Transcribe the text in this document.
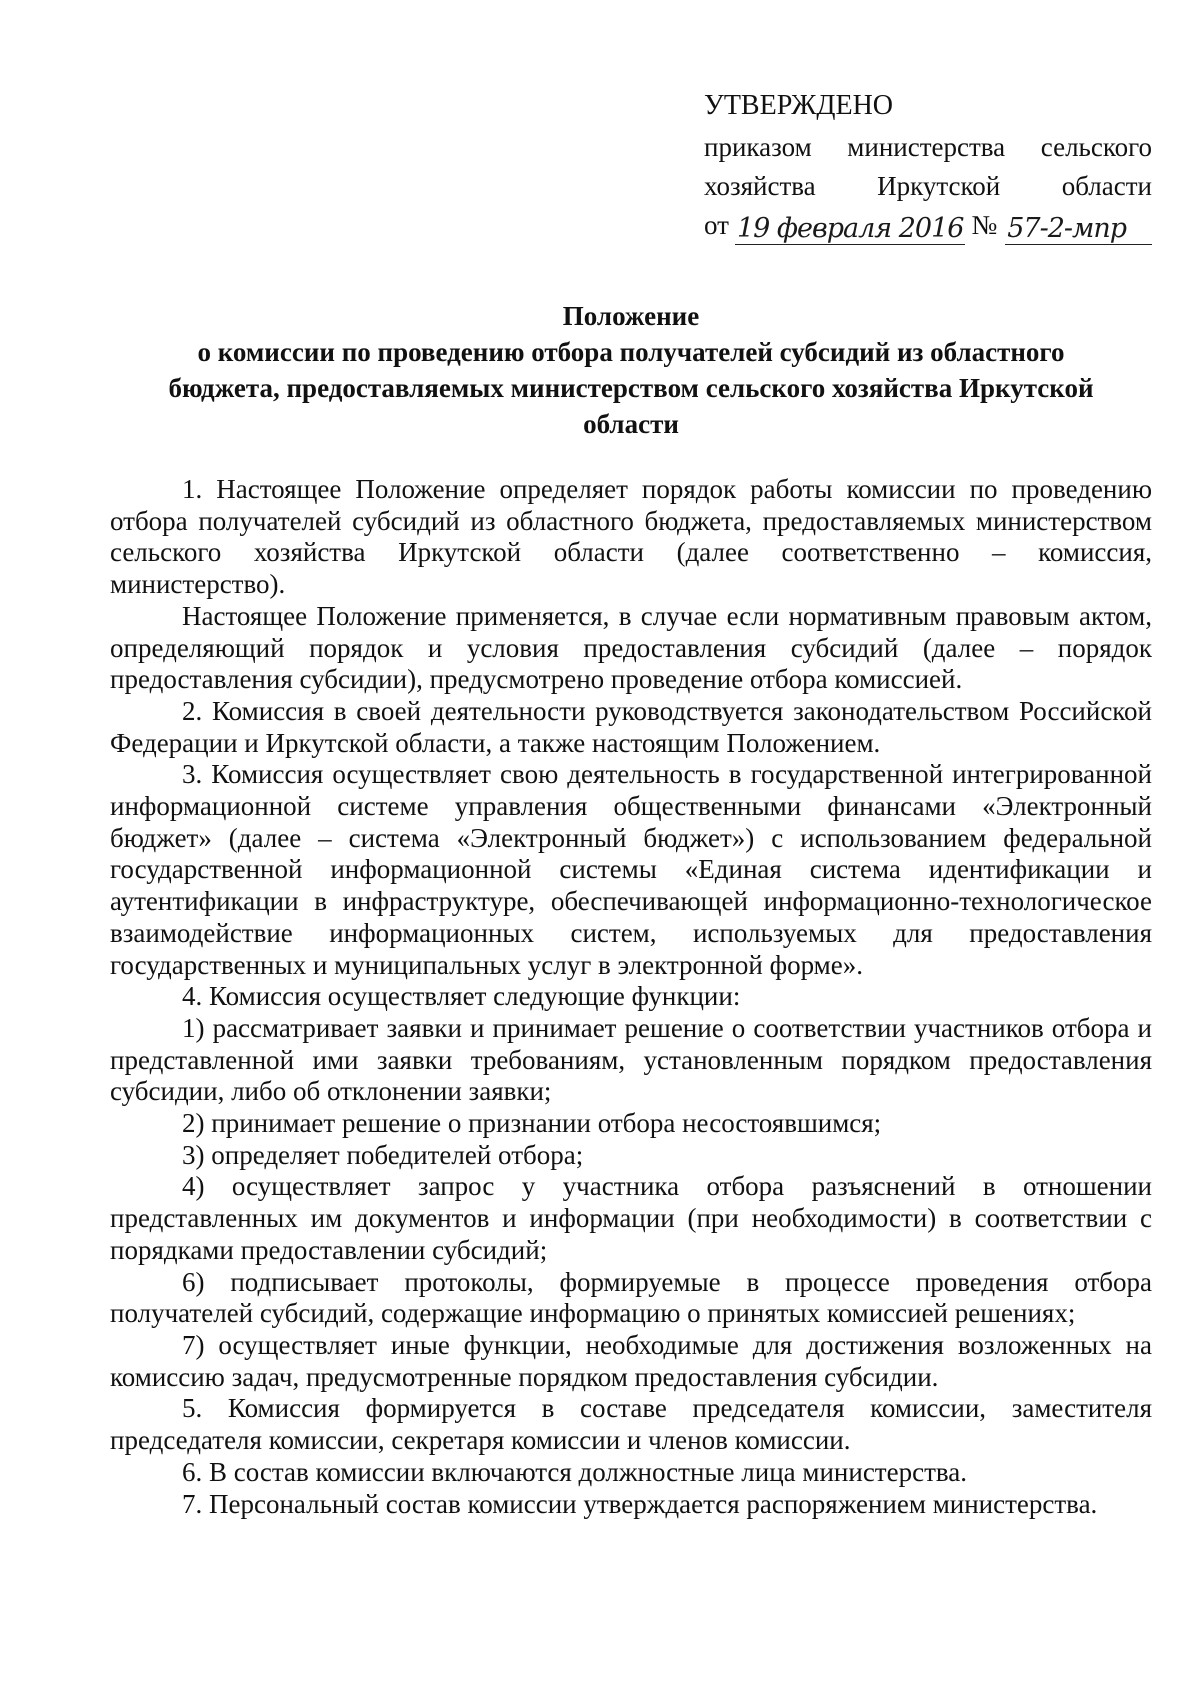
УТВЕРЖДЕНО
приказом министерства сельского
хозяйства Иркутской области
от 19 февраля 2016 № 57-2-мпр
Положение
о комиссии по проведению отбора получателей субсидий из областного
бюджета, предоставляемых министерством сельского хозяйства Иркутской
области

1. Настоящее Положение определяет порядок работы комиссии по проведению отбора получателей субсидий из областного бюджета, предоставляемых министерством сельского хозяйства Иркутской области (далее соответственно – комиссия, министерство).

Настоящее Положение применяется, в случае если нормативным правовым актом, определяющий порядок и условия предоставления субсидий (далее – порядок предоставления субсидии), предусмотрено проведение отбора комиссией.

2. Комиссия в своей деятельности руководствуется законодательством Российской Федерации и Иркутской области, а также настоящим Положением.

3. Комиссия осуществляет свою деятельность в государственной интегрированной информационной системе управления общественными финансами «Электронный бюджет» (далее – система «Электронный бюджет») с использованием федеральной государственной информационной системы «Единая система идентификации и аутентификации в инфраструктуре, обеспечивающей информационно-технологическое взаимодействие информационных систем, используемых для предоставления государственных и муниципальных услуг в электронной форме».

4. Комиссия осуществляет следующие функции:

1) рассматривает заявки и принимает решение о соответствии участников отбора и представленной ими заявки требованиям, установленным порядком предоставления субсидии, либо об отклонении заявки;

2) принимает решение о признании отбора несостоявшимся;

3) определяет победителей отбора;

4) осуществляет запрос у участника отбора разъяснений в отношении представленных им документов и информации (при необходимости) в соответствии с порядками предоставлении субсидий;

6) подписывает протоколы, формируемые в процессе проведения отбора получателей субсидий, содержащие информацию о принятых комиссией решениях;

7) осуществляет иные функции, необходимые для достижения возложенных на комиссию задач, предусмотренные порядком предоставления субсидии.

5. Комиссия формируется в составе председателя комиссии, заместителя председателя комиссии, секретаря комиссии и членов комиссии.

6. В состав комиссии включаются должностные лица министерства.

7. Персональный состав комиссии утверждается распоряжением министерства.
